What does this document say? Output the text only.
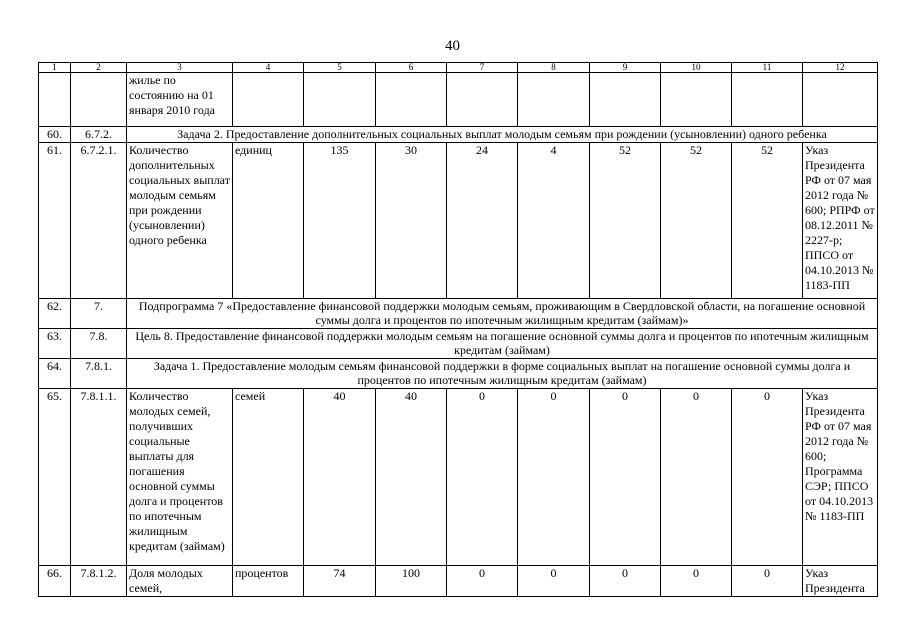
40
1	2	3	4	5	6	7	8	9	10	11	12
		жилье по состоянию на 01 января 2010 года									
60.	6.7.2.	Задача 2. Предоставление дополнительных социальных выплат молодым семьям при рождении (усыновлении) одного ребенка									
61.	6.7.2.1.	Количество дополнительных социальных выплат молодым семьям при рождении (усыновлении) одного ребенка	единиц	135	30	24	4	52	52	52	Указ Президента РФ от 07 мая 2012 года № 600; РПРФ от 08.12.2011 № 2227-р; ППСО от 04.10.2013 № 1183-ПП
62.	7.	Подпрограмма 7 «Предоставление финансовой поддержки молодым семьям, проживающим в Свердловской области, на погашение основной суммы долга и процентов по ипотечным жилищным кредитам (займам)»									
63.	7.8.	Цель 8. Предоставление финансовой поддержки молодым семьям на погашение основной суммы долга и процентов по ипотечным жилищным кредитам (займам)									
64.	7.8.1.	Задача 1. Предоставление молодым семьям финансовой поддержки в форме социальных выплат на погашение основной суммы долга и процентов по ипотечным жилищным кредитам (займам)									
65.	7.8.1.1.	Количество молодых семей, получивших социальные выплаты для погашения основной суммы долга и процентов по ипотечным жилищным кредитам (займам)	семей	40	40	0	0	0	0	0	Указ Президента РФ от 07 мая 2012 года № 600; Программа СЭР; ППСО от 04.10.2013 № 1183-ПП
66.	7.8.1.2.	Доля молодых семей,	процентов	74	100	0	0	0	0	0	Указ Президента
